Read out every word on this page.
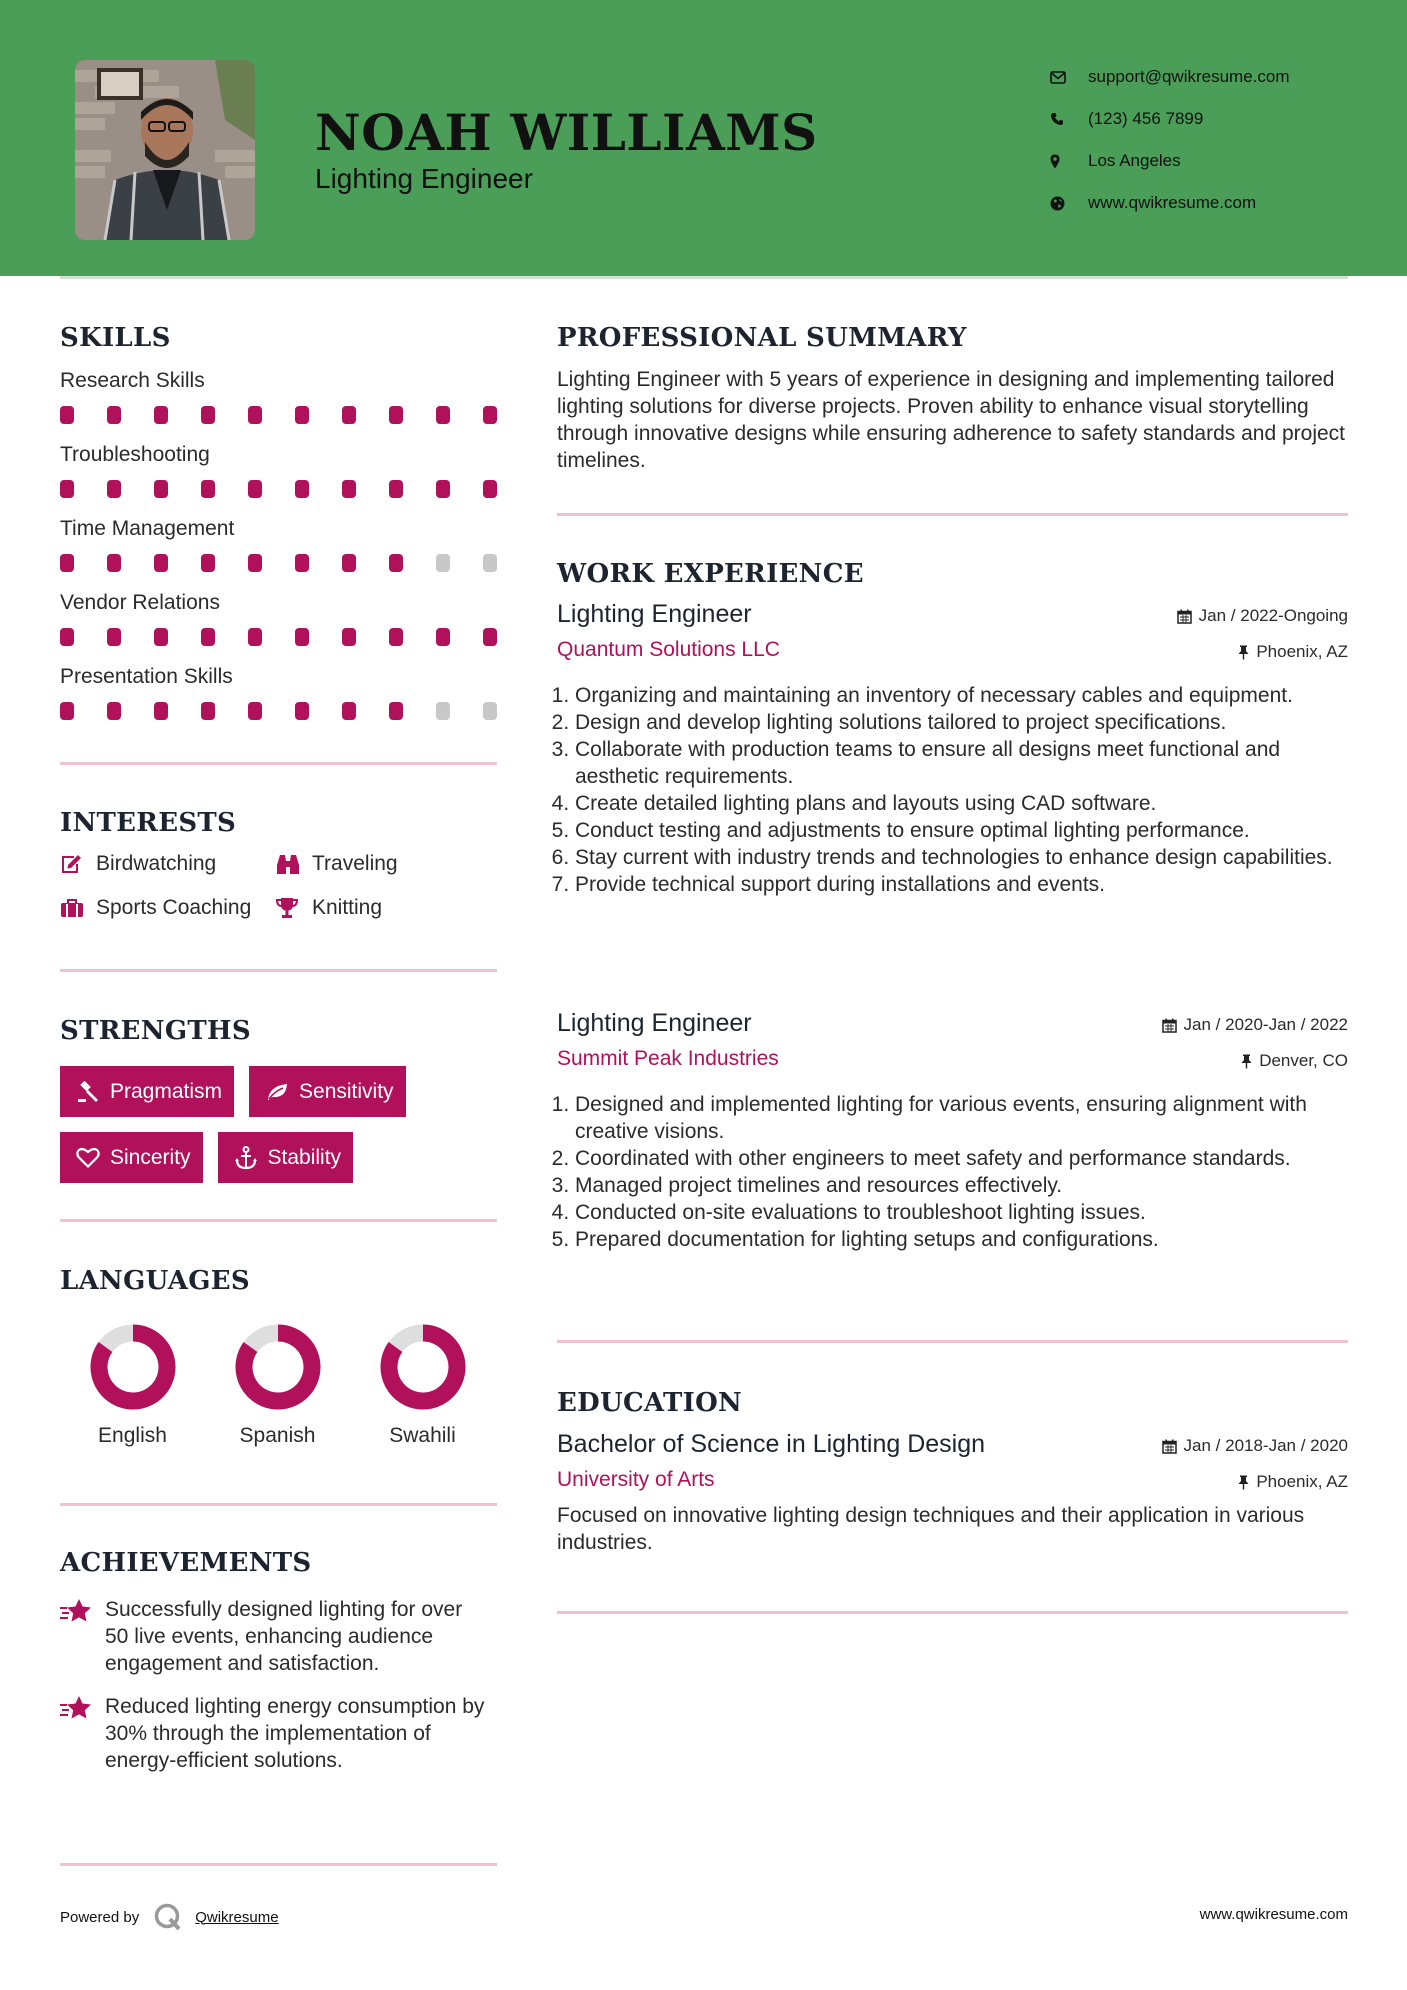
NOAH WILLIAMS
Lighting Engineer
support@qwikresume.com
(123) 456 7899
Los Angeles
www.qwikresume.com
SKILLS
Research Skills
Troubleshooting
Time Management
Vendor Relations
Presentation Skills
INTERESTS
Birdwatching	Traveling
Sports Coaching	Knitting
STRENGTHS
Pragmatism	Sensitivity
Sincerity	Stability
LANGUAGES
English	Spanish	Swahili
ACHIEVEMENTS
Successfully designed lighting for over 50 live events, enhancing audience engagement and satisfaction.
Reduced lighting energy consumption by 30% through the implementation of energy-efficient solutions.
PROFESSIONAL SUMMARY
Lighting Engineer with 5 years of experience in designing and implementing tailored lighting solutions for diverse projects. Proven ability to enhance visual storytelling through innovative designs while ensuring adherence to safety standards and project timelines.
WORK EXPERIENCE
Lighting Engineer	Jan / 2022-Ongoing
Quantum Solutions LLC	Phoenix, AZ
1. Organizing and maintaining an inventory of necessary cables and equipment.
2. Design and develop lighting solutions tailored to project specifications.
3. Collaborate with production teams to ensure all designs meet functional and aesthetic requirements.
4. Create detailed lighting plans and layouts using CAD software.
5. Conduct testing and adjustments to ensure optimal lighting performance.
6. Stay current with industry trends and technologies to enhance design capabilities.
7. Provide technical support during installations and events.
Lighting Engineer	Jan / 2020-Jan / 2022
Summit Peak Industries	Denver, CO
1. Designed and implemented lighting for various events, ensuring alignment with creative visions.
2. Coordinated with other engineers to meet safety and performance standards.
3. Managed project timelines and resources effectively.
4. Conducted on-site evaluations to troubleshoot lighting issues.
5. Prepared documentation for lighting setups and configurations.
EDUCATION
Bachelor of Science in Lighting Design	Jan / 2018-Jan / 2020
University of Arts	Phoenix, AZ
Focused on innovative lighting design techniques and their application in various industries.
Powered by	Qwikresume	www.qwikresume.com
